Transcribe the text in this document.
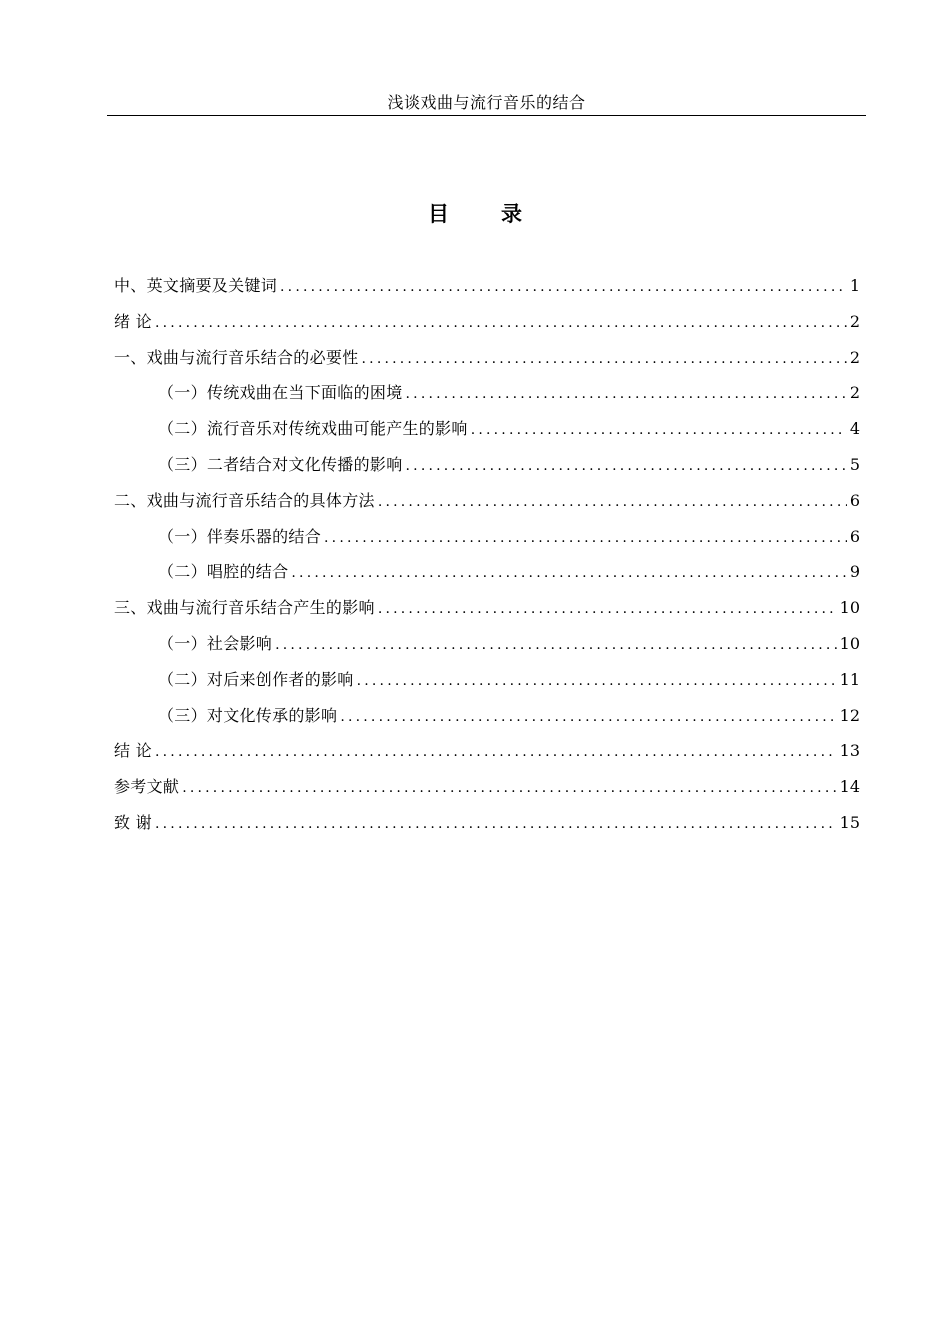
浅谈戏曲与流行音乐的结合
目 录
中、英文摘要及关键词 .....	1
绪 论 .....	2
一、戏曲与流行音乐结合的必要性 .....	2
（一）传统戏曲在当下面临的困境 .....	2
（二）流行音乐对传统戏曲可能产生的影响 .....	4
（三）二者结合对文化传播的影响 .....	5
二、戏曲与流行音乐结合的具体方法 .....	6
（一）伴奏乐器的结合 .....	6
（二）唱腔的结合 .....	9
三、戏曲与流行音乐结合产生的影响 .....	10
（一）社会影响 .....	10
（二）对后来创作者的影响 .....	11
（三）对文化传承的影响 .....	12
结 论 .....	13
参考文献 .....	14
致 谢 .....	15
